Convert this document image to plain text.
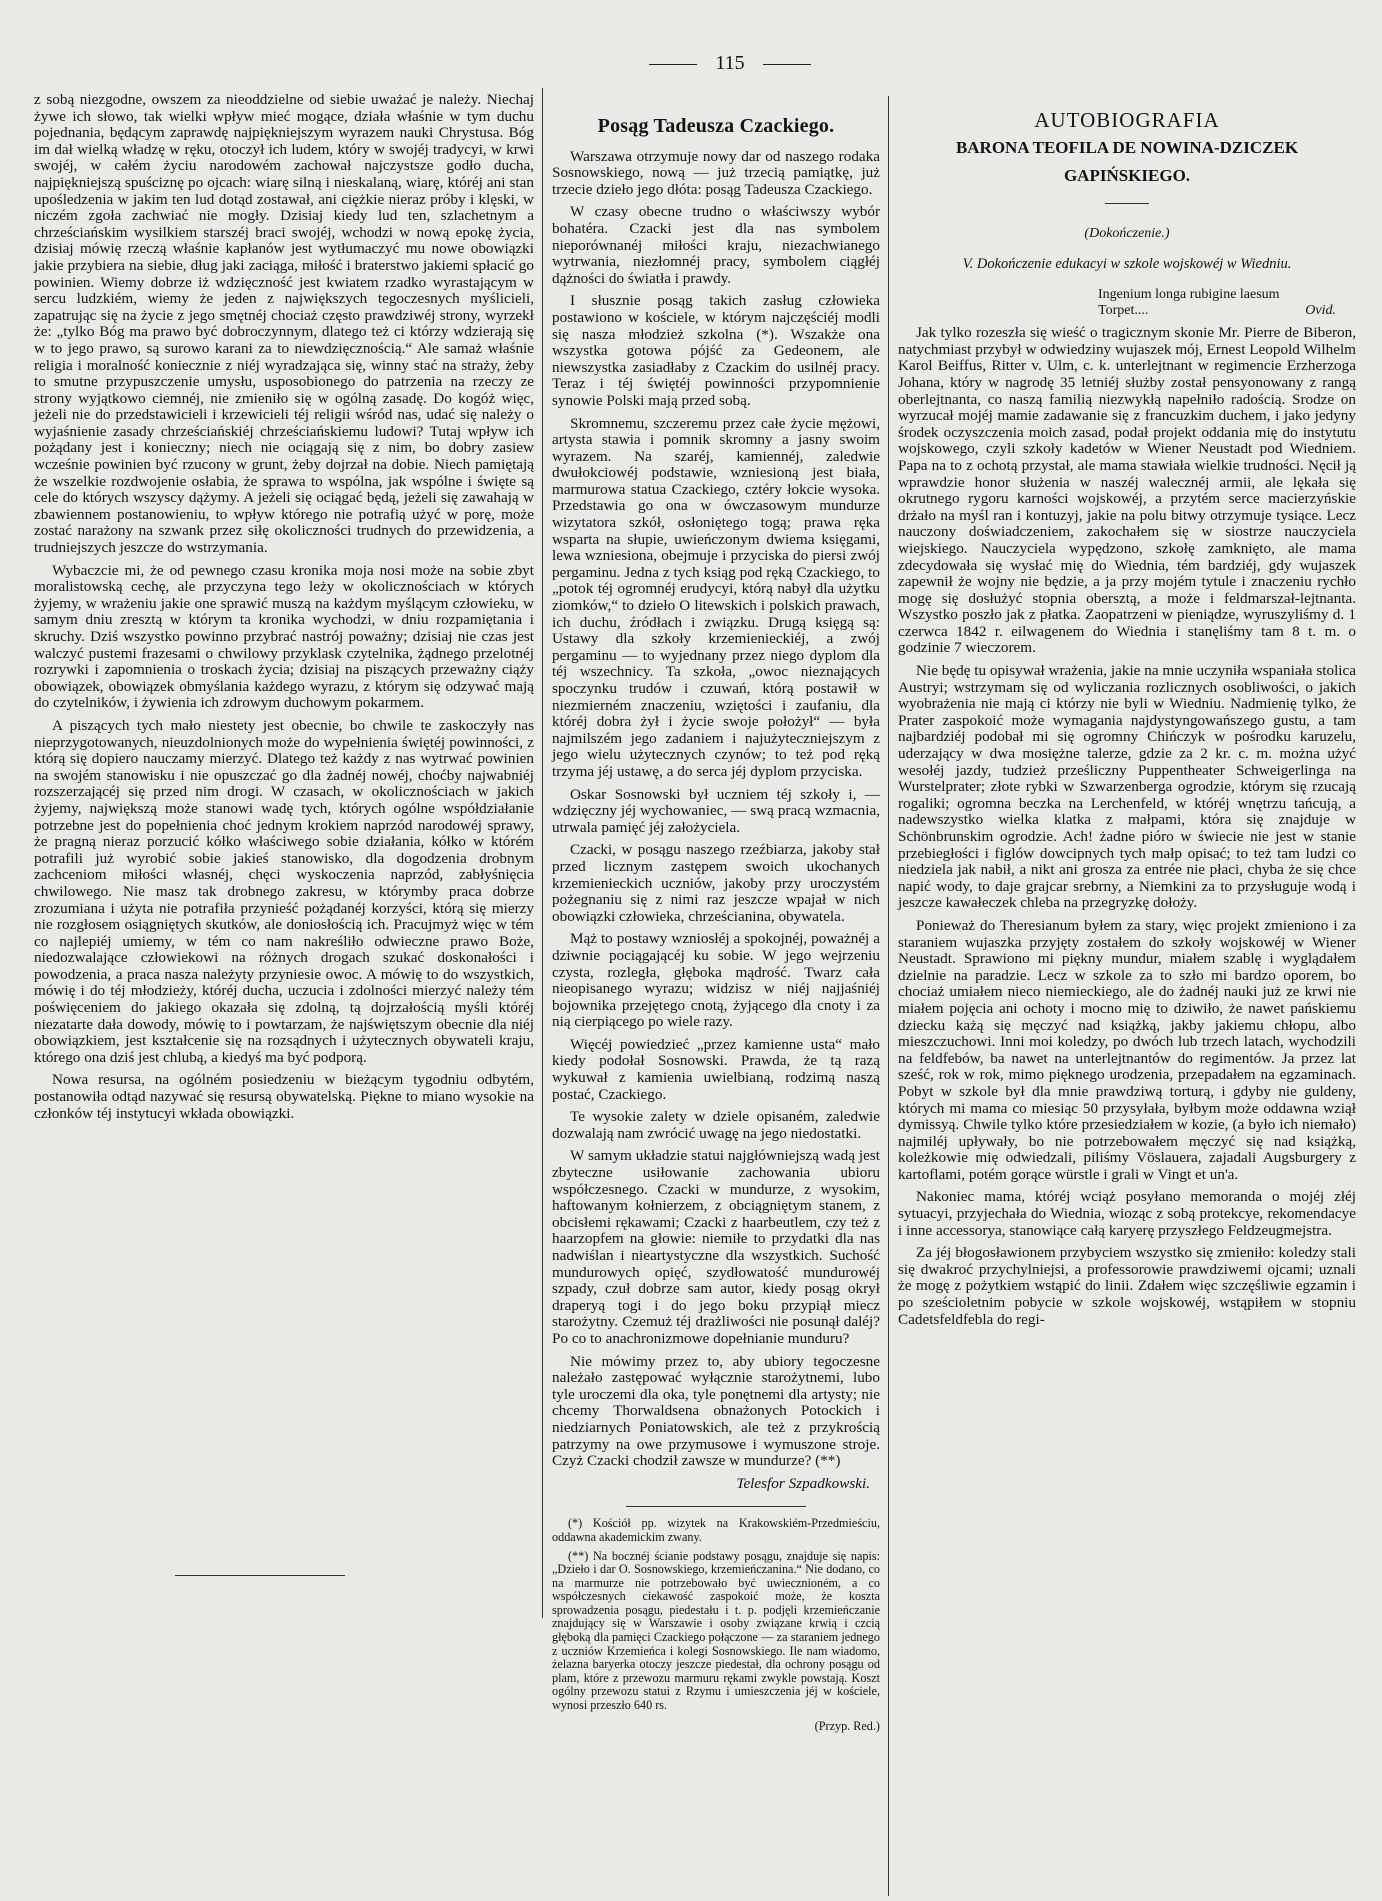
115

z sobą niezgodne, owszem za nieoddzielne od siebie uważać je należy. Niechaj żywe ich słowo, tak wielki wpływ mieć mogące, działa właśnie w tym duchu pojednania, będącym zaprawdę najpiękniejszym wyrazem nauki Chrystusa. Bóg im dał wielką władzę w ręku, otoczył ich ludem, który w swojéj tradycyi, w krwi swojéj, w całém życiu narodowém zachował najczystsze godło ducha, najpiękniejszą spuściznę po ojcach: wiarę silną i nieskalaną, wiarę, któréj ani stan upośledzenia w jakim ten lud dotąd zostawał, ani ciężkie nieraz próby i klęski, w niczém zgoła zachwiać nie mogły. Dzisiaj kiedy lud ten, szlachetnym a chrześciańskim wysilkiem starszéj braci swojéj, wchodzi w nową epokę życia, dzisiaj mówię rzeczą właśnie kapłanów jest wytłumaczyć mu nowe obowiązki jakie przybiera na siebie, dług jaki zaciąga, miłość i braterstwo jakiemi spłacić go powinien. Wiemy dobrze iż wdzięczność jest kwiatem rzadko wyrastającym w sercu ludzkiém, wiemy że jeden z największych tegoczesnych myślicieli, zapatrując się na życie z jego smętnéj chociaż często prawdziwéj strony, wyrzekł że: „tylko Bóg ma prawo być dobroczynnym, dlatego też ci którzy wdzierają się w to jego prawo, są surowo karani za to niewdzięcznością.“ Ale samaż właśnie religia i moralność koniecznie z niéj wyradzająca się, winny stać na straży, żeby to smutne przypuszczenie umysłu, usposobionego do patrzenia na rzeczy ze strony wyjątkowo ciemnéj, nie zmieniło się w ogólną zasadę. Do kogóż więc, jeżeli nie do przedstawicieli i krzewicieli téj religii wśród nas, udać się należy o wyjaśnienie zasady chrześciańskiéj chrześciańskiemu ludowi? Tutaj wpływ ich pożądany jest i konieczny; niech nie ociągają się z nim, bo dobry zasiew wcześnie powinien być rzucony w grunt, żeby dojrzał na dobie. Niech pamiętają że wszelkie rozdwojenie osłabia, że sprawa to wspólna, jak wspólne i święte są cele do których wszyscy dążymy. A jeżeli się ociągać będą, jeżeli się zawahają w zbawiennem postanowieniu, to wpływ którego nie potrafią użyć w porę, może zostać narażony na szwank przez siłę okoliczności trudnych do przewidzenia, a trudniejszych jeszcze do wstrzymania.

Wybaczcie mi, że od pewnego czasu kronika moja nosi może na sobie zbyt moralistowską cechę, ale przyczyna tego leży w okolicznościach w których żyjemy, w wrażeniu jakie one sprawić muszą na każdym myślącym człowieku, w samym dniu zresztą w którym ta kronika wychodzi, w dniu rozpamiętania i skruchy. Dziś wszystko powinno przybrać nastrój poważny; dzisiaj nie czas jest walczyć pustemi frazesami o chwilowy przyklask czytelnika, żądnego przelotnéj rozrywki i zapomnienia o troskach życia; dzisiaj na piszących przeważny ciąży obowiązek, obowiązek obmyślania każdego wyrazu, z którym się odzywać mają do czytelników, i żywienia ich zdrowym duchowym pokarmem.

A piszących tych mało niestety jest obecnie, bo chwile te zaskoczyły nas nieprzygotowanych, nieuzdolnionych może do wypełnienia świętéj powinności, z którą się dopiero nauczamy mierzyć. Dlatego też każdy z nas wytrwać powinien na swojém stanowisku i nie opuszczać go dla żadnéj nowéj, choćby najwabniéj rozszerzającéj się przed nim drogi. W czasach, w okolicznościach w jakich żyjemy, największą może stanowi wadę tych, których ogólne współdziałanie potrzebne jest do popełnienia choć jednym krokiem naprzód narodowéj sprawy, że pragną nieraz porzucić kółko właściwego sobie działania, kółko w którém potrafili już wyrobić sobie jakieś stanowisko, dla dogodzenia drobnym zachceniom miłości własnéj, chęci wyskoczenia naprzód, zabłyśnięcia chwilowego. Nie masz tak drobnego zakresu, w którymby praca dobrze zrozumiana i użyta nie potrafiła przynieść pożądanéj korzyści, którą się mierzy nie rozgłosem osiągniętych skutków, ale doniosłością ich. Pracujmyż więc w tém co najlepiéj umiemy, w tém co nam nakreśliło odwieczne prawo Boże, niedozwalające człowiekowi na różnych drogach szukać doskonałości i powodzenia, a praca nasza należyty przyniesie owoc. A mówię to do wszystkich, mówię i do téj młodzieży, któréj ducha, uczucia i zdolności mierzyć należy tém poświęceniem do jakiego okazała się zdolną, tą dojrzałością myśli któréj niezatarte dała dowody, mówię to i powtarzam, że najświętszym obecnie dla niéj obowiązkiem, jest kształcenie się na rozsądnych i użytecznych obywateli kraju, którego ona dziś jest chlubą, a kiedyś ma być podporą.

Nowa resursa, na ogólném posiedzeniu w bieżącym tygodniu odbytém, postanowiła odtąd nazywać się resursą obywatelską. Piękne to miano wysokie na członków téj instytucyi wkłada obowiązki.

Posąg Tadeusza Czackiego.

Warszawa otrzymuje nowy dar od naszego rodaka Sosnowskiego, nową — już trzecią pamiątkę, już trzecie dzieło jego dłóta: posąg Tadeusza Czackiego.

W czasy obecne trudno o właściwszy wybór bohatéra. Czacki jest dla nas symbolem nieporównanéj miłości kraju, niezachwianego wytrwania, niezłomnéj pracy, symbolem ciągłéj dążności do światła i prawdy.

I słusznie posąg takich zasług człowieka postawiono w kościele, w którym najczęściéj modli się nasza młodzież szkolna (*). Wszakże ona wszystka gotowa pójść za Gedeonem, ale niewszystka zasiadłaby z Czackim do usilnéj pracy. Teraz i téj świętéj powinności przypomnienie synowie Polski mają przed sobą.

Skromnemu, szczeremu przez całe życie mężowi, artysta stawia i pomnik skromny a jasny swoim wyrazem. Na szaréj, kamiennéj, zaledwie dwułokciowéj podstawie, wzniesioną jest biała, marmurowa statua Czackiego, cztéry łokcie wysoka. Przedstawia go ona w ówczasowym mundurze wizytatora szkół, osłoniętego togą; prawa ręka wsparta na słupie, uwieńczonym dwiema księgami, lewa wzniesiona, obejmuje i przyciska do piersi zwój pergaminu. Jedna z tych ksiąg pod ręką Czackiego, to „potok téj ogromnéj erudycyi, którą nabył dla użytku ziomków,“ to dzieło O litewskich i polskich prawach, ich duchu, źródłach i związku. Drugą księgą są: Ustawy dla szkoły krzemienieckiéj, a zwój pergaminu — to wyjednany przez niego dyplom dla téj wszechnicy. Ta szkoła, „owoc nieznających spoczynku trudów i czuwań, którą postawił w niezmierném znaczeniu, wziętości i zaufaniu, dla któréj dobra żył i życie swoje położył“ — była najmilszém jego zadaniem i najużyteczniejszym z jego wielu użytecznych czynów; to też pod ręką trzyma jéj ustawę, a do serca jéj dyplom przyciska.

Oskar Sosnowski był uczniem téj szkoły i, — wdzięczny jéj wychowaniec, — swą pracą wzmacnia, utrwala pamięć jéj założyciela.

Czacki, w posągu naszego rzeźbiarza, jakoby stał przed licznym zastępem swoich ukochanych krzemienieckich uczniów, jakoby przy uroczystém pożegnaniu się z nimi raz jeszcze wpajał w nich obowiązki człowieka, chrześcianina, obywatela.

Mąż to postawy wzniosłéj a spokojnéj, poważnéj a dziwnie pociągającéj ku sobie. W jego wejrzeniu czysta, rozległa, głęboka mądrość. Twarz cała nieopisanego wyrazu; widzisz w niéj najjaśniéj bojownika przejętego cnotą, żyjącego dla cnoty i za nią cierpiącego po wiele razy.

Więcéj powiedzieć „przez kamienne usta“ mało kiedy podołał Sosnowski. Prawda, że tą razą wykuwał z kamienia uwielbianą, rodzimą naszą postać, Czackiego.

Te wysokie zalety w dziele opisaném, zaledwie dozwalają nam zwrócić uwagę na jego niedostatki.

W samym układzie statui najgłówniejszą wadą jest zbyteczne usiłowanie zachowania ubioru współczesnego. Czacki w mundurze, z wysokim, haftowanym kołnierzem, z obciągniętym stanem, z obcisłemi rękawami; Czacki z haarbeutlem, czy też z haarzopfem na głowie: niemiłe to przydatki dla nas nadwiślan i nieartystyczne dla wszystkich. Suchość mundurowych opięć, szydłowatość mundurowéj szpady, czuł dobrze sam autor, kiedy posąg okrył draperyą togi i do jego boku przypiął miecz starożytny. Czemuż téj drażliwości nie posunął daléj? Po co to anachronizmowe dopełnianie munduru?

Nie mówimy przez to, aby ubiory tegoczesne należało zastępować wyłącznie starożytnemi, lubo tyle uroczemi dla oka, tyle ponętnemi dla artysty; nie chcemy Thorwaldsena obnażonych Potockich i niedziarnych Poniatowskich, ale też z przykrością patrzymy na owe przymusowe i wymuszone stroje. Czyż Czacki chodził zawsze w mundurze? (**)

Telesfor Szpadkowski.

(*) Kościół pp. wizytek na Krakowskiém-Przedmieściu, oddawna akademickim zwany.

(**) Na bocznéj ścianie podstawy posągu, znajduje się napis: „Dzieło i dar O. Sosnowskiego, krzemieńczanina.“ Nie dodano, co na marmurze nie potrzebowało być uwiecznioném, a co współczesnych ciekawość zaspokoić może, że koszta sprowadzenia posągu, piedestału i t. p. podjęli krzemieńczanie znajdujący się w Warszawie i osoby związane krwią i czcią głęboką dla pamięci Czackiego połączone — za staraniem jednego z uczniów Krzemieńca i kolegi Sosnowskiego. Ile nam wiadomo, żelazna baryerka otoczy jeszcze piedestał, dla ochrony posągu od plam, które z przewozu marmuru rękami zwykle powstają. Koszt ogólny przewozu statui z Rzymu i umieszczenia jéj w kościele, wynosi przeszło 640 rs.

(Przyp. Red.)
AUTOBIOGRAFIA
BARONA TEOFILA DE NOWINA-DZICZEK
GAPIŃSKIEGO.
(Dokończenie.)
V. Dokończenie edukacyi w szkole wojskowéj w Wiedniu.
Ingenium longa rubigine laesum
Torpet....	Ovid.

Jak tylko rozeszła się wieść o tragicznym skonie Mr. Pierre de Biberon, natychmiast przybył w odwiedziny wujaszek mój, Ernest Leopold Wilhelm Karol Beiffus, Ritter v. Ulm, c. k. unterlejtnant w regimencie Erzherzoga Johana, który w nagrodę 35 letniéj służby został pensyonowany z rangą oberlejtnanta, co naszą familią niezwykłą napełniło radością. Srodze on wyrzucał mojéj mamie zadawanie się z francuzkim duchem, i jako jedyny środek oczyszczenia moich zasad, podał projekt oddania mię do instytutu wojskowego, czyli szkoły kadetów w Wiener Neustadt pod Wiedniem. Papa na to z ochotą przystał, ale mama stawiała wielkie trudności. Nęcił ją wprawdzie honor służenia w naszéj walecznéj armii, ale lękała się okrutnego rygoru karności wojskowéj, a przytém serce macierzyńskie drżało na myśl ran i kontuzyj, jakie na polu bitwy otrzymuje tysiące. Lecz nauczony doświadczeniem, zakochałem się w siostrze nauczyciela wiejskiego. Nauczyciela wypędzono, szkołę zamknięto, ale mama zdecydowała się wysłać mię do Wiednia, tém bardziéj, gdy wujaszek zapewnił że wojny nie będzie, a ja przy mojém tytule i znaczeniu rychło mogę się dosłużyć stopnia obersztą, a może i feldmarszał-lejtnanta. Wszystko poszło jak z płatka. Zaopatrzeni w pieniądze, wyruszyliśmy d. 1 czerwca 1842 r. eilwagenem do Wiednia i stanęliśmy tam 8 t. m. o godzinie 7 wieczorem.

Nie będę tu opisywał wrażenia, jakie na mnie uczyniła wspaniała stolica Austryi; wstrzymam się od wyliczania rozlicznych osobliwości, o jakich wyobrażenia nie mają ci którzy nie byli w Wiedniu. Nadmienię tylko, że Prater zaspokoić może wymagania najdystyngowańszego gustu, a tam najbardziéj podobał mi się ogromny Chińczyk w pośrodku karuzelu, uderzający w dwa mosiężne talerze, gdzie za 2 kr. c. m. można użyć wesołéj jazdy, tudzież prześliczny Puppentheater Schweigerlinga na Wurstelprater; złote rybki w Szwarzenberga ogrodzie, którym się rzucają rogaliki; ogromna beczka na Lerchenfeld, w któréj wnętrzu tańcują, a nadewszystko wielka klatka z małpami, która się znajduje w Schönbrunskim ogrodzie. Ach! żadne pióro w świecie nie jest w stanie przebiegłości i figlów dowcipnych tych małp opisać; to też tam ludzi co niedziela jak nabił, a nikt ani grosza za entrée nie płaci, chyba że się chce napić wody, to daje grajcar srebrny, a Niemkini za to przysługuje wodą i jeszcze kawałeczek chleba na przegryzkę dołoży.

Ponieważ do Theresianum byłem za stary, więc projekt zmieniono i za staraniem wujaszka przyjęty zostałem do szkoły wojskowéj w Wiener Neustadt. Sprawiono mi piękny mundur, miałem szablę i wyglądałem dzielnie na paradzie. Lecz w szkole za to szło mi bardzo oporem, bo chociaż umiałem nieco niemieckiego, ale do żadnéj nauki już ze krwi nie miałem pojęcia ani ochoty i mocno mię to dziwiło, że nawet pańskiemu dziecku każą się męczyć nad książką, jakby jakiemu chłopu, albo mieszczuchowi. Inni moi koledzy, po dwóch lub trzech latach, wychodzili na feldfebów, ba nawet na unterlejtnantów do regimentów. Ja przez lat sześć, rok w rok, mimo pięknego urodzenia, przepadałem na egzaminach. Pobyt w szkole był dla mnie prawdziwą torturą, i gdyby nie guldeny, których mi mama co miesiąc 50 przysyłała, byłbym może oddawna wziął dymissyą. Chwile tylko które przesiedziałem w kozie, (a było ich niemało) najmiléj upływały, bo nie potrzebowałem męczyć się nad książką, koleżkowie mię odwiedzali, piliśmy Vöslauera, zajadali Augsburgery z kartoflami, potém gorące würstle i grali w Vingt et un'a.

Nakoniec mama, któréj wciąż posyłano memoranda o mojéj złéj sytuacyi, przyjechała do Wiednia, wioząc z sobą protekcye, rekomendacye i inne accessorya, stanowiące całą karyerę przyszłego Feldzeugmejstra.

Za jéj błogosławionem przybyciem wszystko się zmieniło: koledzy stali się dwakroć przychylniejsi, a professorowie prawdziwemi ojcami; uznali że mogę z pożytkiem wstąpić do linii. Zdałem więc szczęśliwie egzamin i po sześcioletnim pobycie w szkole wojskowéj, wstąpiłem w stopniu Cadetsfeldfebla do regi-
